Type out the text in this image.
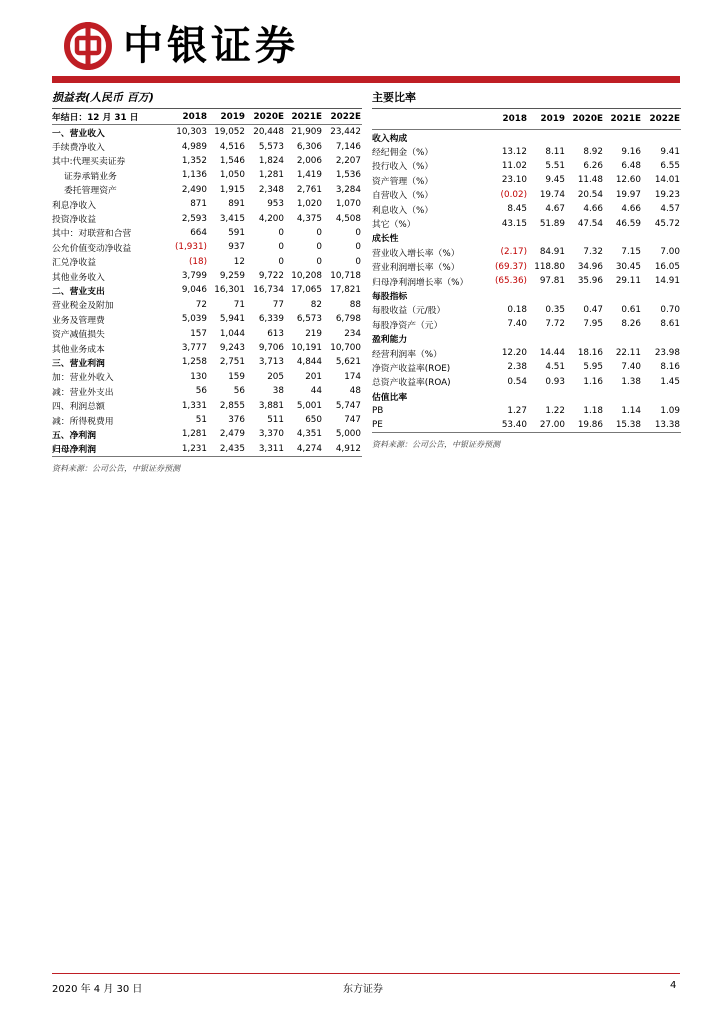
中银证券
损益表(人民币 百万)
年结日：12 月 31 日	2018	2019	2020E	2021E	2022E
一、营业收入	10,303	19,052	20,448	21,909	23,442
手续费净收入	4,989	4,516	5,573	6,306	7,146
其中:代理买卖证券	1,352	1,546	1,824	2,006	2,207
证券承销业务	1,136	1,050	1,281	1,419	1,536
委托管理资产	2,490	1,915	2,348	2,761	3,284
利息净收入	871	891	953	1,020	1,070
投资净收益	2,593	3,415	4,200	4,375	4,508
其中：对联营和合营	664	591	0	0	0
公允价值变动净收益	(1,931)	937	0	0	0
汇兑净收益	(18)	12	0	0	0
其他业务收入	3,799	9,259	9,722	10,208	10,718
二、营业支出	9,046	16,301	16,734	17,065	17,821
营业税金及附加	72	71	77	82	88
业务及管理费	5,039	5,941	6,339	6,573	6,798
资产减值损失	157	1,044	613	219	234
其他业务成本	3,777	9,243	9,706	10,191	10,700
三、营业利润	1,258	2,751	3,713	4,844	5,621
加：营业外收入	130	159	205	201	174
减：营业外支出	56	56	38	44	48
四、利润总额	1,331	2,855	3,881	5,001	5,747
减：所得税费用	51	376	511	650	747
五、净利润	1,281	2,479	3,370	4,351	5,000
归母净利润	1,231	2,435	3,311	4,274	4,912
资料来源：公司公告，中银证券预测
主要比率
	2018	2019	2020E	2021E	2022E
收入构成					
经纪佣金（%）	13.12	8.11	8.92	9.16	9.41
投行收入（%）	11.02	5.51	6.26	6.48	6.55
资产管理（%）	23.10	9.45	11.48	12.60	14.01
自营收入（%）	(0.02)	19.74	20.54	19.97	19.23
利息收入（%）	8.45	4.67	4.66	4.66	4.57
其它（%）	43.15	51.89	47.54	46.59	45.72
成长性					
营业收入增长率（%）	(2.17)	84.91	7.32	7.15	7.00
营业利润增长率（%）	(69.37)	118.80	34.96	30.45	16.05
归母净利润增长率（%）	(65.36)	97.81	35.96	29.11	14.91
每股指标					
每股收益（元/股）	0.18	0.35	0.47	0.61	0.70
每股净资产（元）	7.40	7.72	7.95	8.26	8.61
盈利能力					
经营利润率（%）	12.20	14.44	18.16	22.11	23.98
净资产收益率(ROE)	2.38	4.51	5.95	7.40	8.16
总资产收益率(ROA)	0.54	0.93	1.16	1.38	1.45
估值比率					
PB	1.27	1.22	1.18	1.14	1.09
PE	53.40	27.00	19.86	15.38	13.38
资料来源：公司公告，中银证券预测
2020 年 4 月 30 日	东方证券	4
